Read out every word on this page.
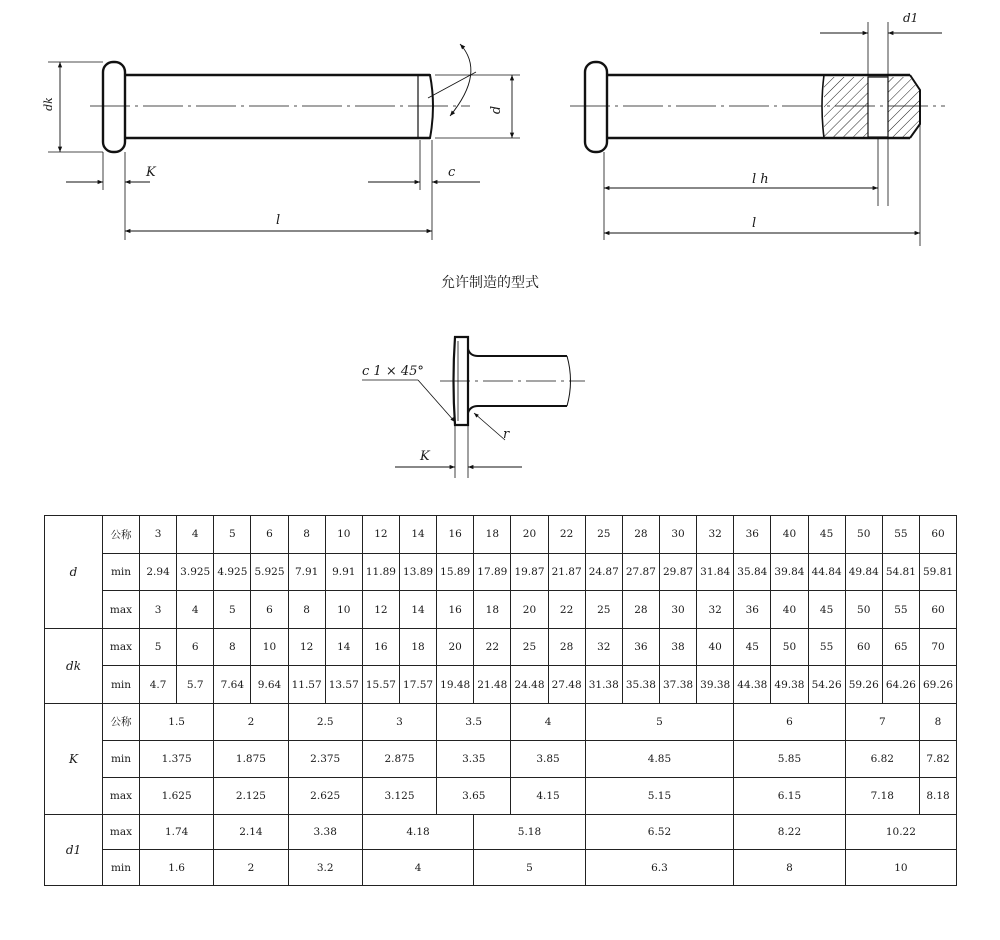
dk
K
l
c
d
d1
l h
l
c 1 × 45°
r
K
允许制造的型式
d	公称	3	4	5	6	8	10	12	14	16	18	20	22	25	28	30	32	36	40	45	50	55	60
	min	2.94	3.925	4.925	5.925	7.91	9.91	11.89	13.89	15.89	17.89	19.87	21.87	24.87	27.87	29.87	31.84	35.84	39.84	44.84	49.84	54.81	59.81
	max	3	4	5	6	8	10	12	14	16	18	20	22	25	28	30	32	36	40	45	50	55	60
dk	max	5	6	8	10	12	14	16	18	20	22	25	28	32	36	38	40	45	50	55	60	65	70
	min	4.7	5.7	7.64	9.64	11.57	13.57	15.57	17.57	19.48	21.48	24.48	27.48	31.38	35.38	37.38	39.38	44.38	49.38	54.26	59.26	64.26	69.26
K	公称	1.5		2		2.5		3		3.5		4		5				6			7		8
	min	1.375		1.875		2.375		2.875		3.35		3.85		4.85				5.85			6.82		7.82
	max	1.625		2.125		2.625		3.125		3.65		4.15		5.15				6.15			7.18		8.18
d1	max	1.74		2.14		3.38		4.18			5.18			6.52				8.22			10.22		
	min	1.6		2		3.2		4			5			6.3				8			10		
